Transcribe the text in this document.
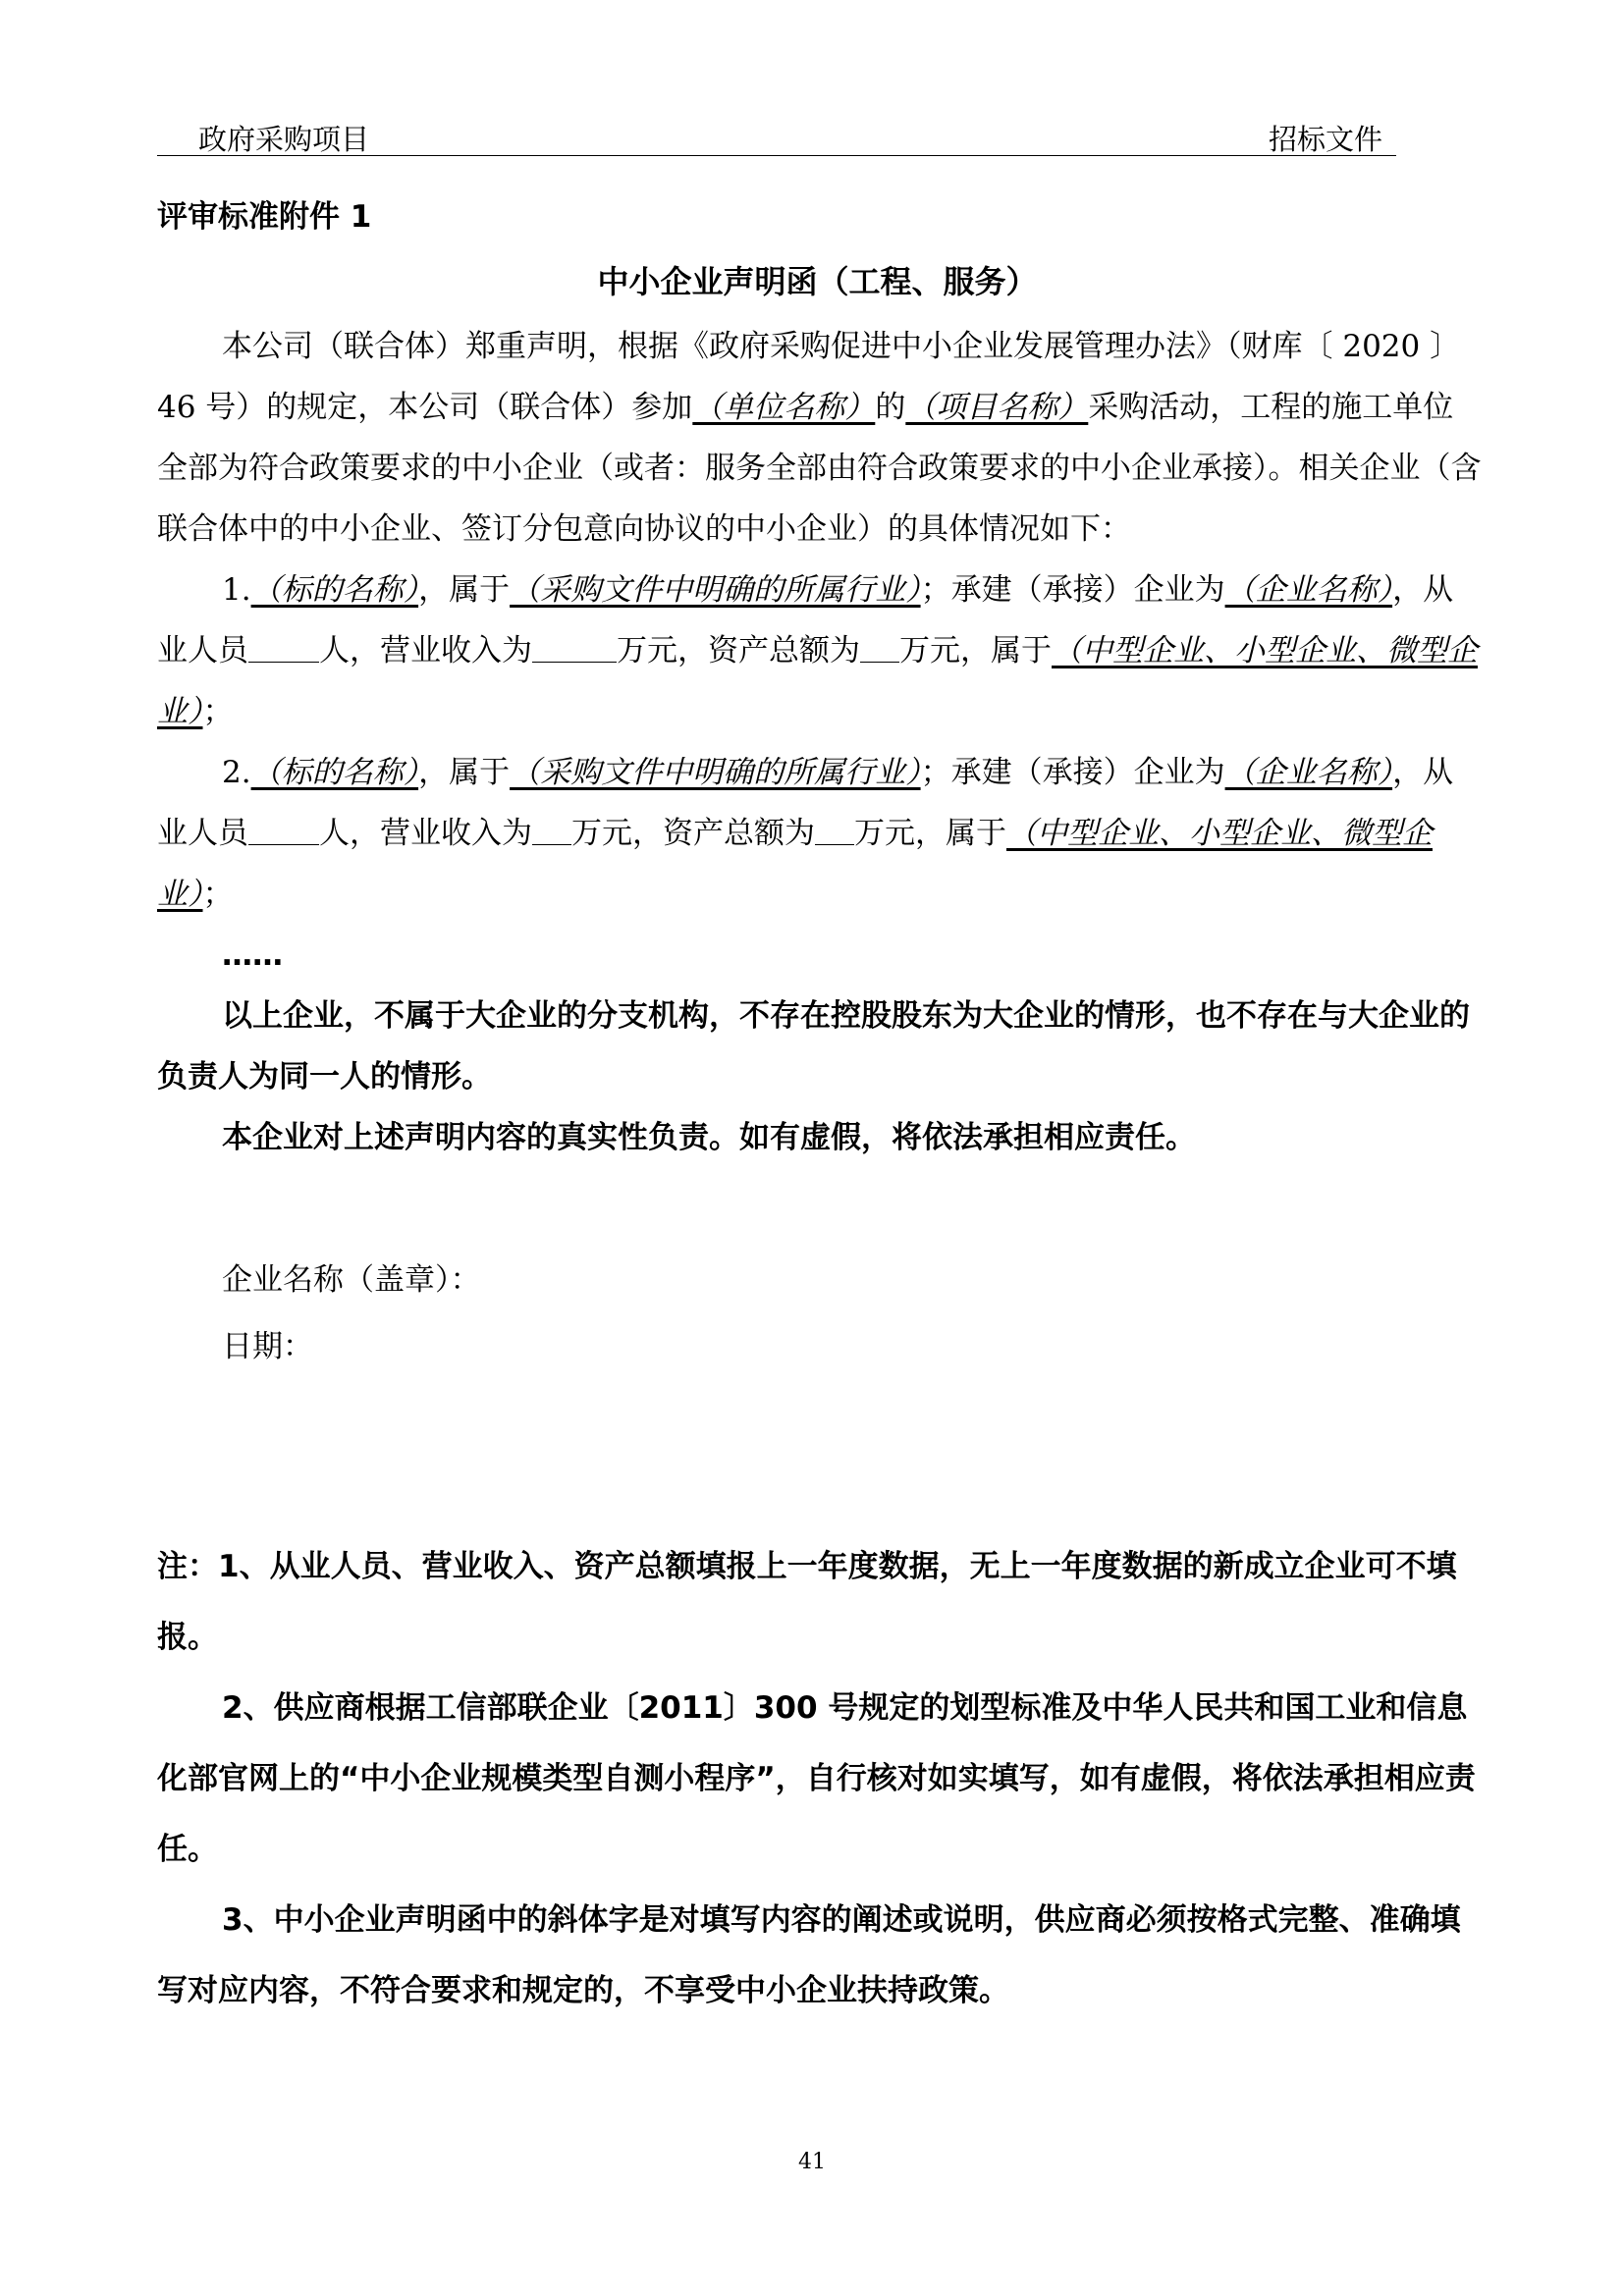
政府采购项目	招标文件

评审标准附件 1

中小企业声明函（工程、服务）

本公司（联合体）郑重声明，根据《政府采购促进中小企业发展管理办法》（财库〔 2020 〕 46 号）的规定，本公司（联合体）参加（单位名称）的（项目名称）采购活动，工程的施工单位全部为符合政策要求的中小企业（或者：服务全部由符合政策要求的中小企业承接）。相关企业（含联合体中的中小企业、签订分包意向协议的中小企业）的具体情况如下：

1.（标的名称），属于（采购文件中明确的所属行业）；承建（承接）企业为（企业名称），从业人员 人，营业收入为	万元，资产总额为 万元，属于（中型企业、小型企业、微型企业）；

2.（标的名称），属于（采购文件中明确的所属行业）；承建（承接）企业为（企业名称），从业人员 人，营业收入为 万元，资产总额为 万元，属于（中型企业、小型企业、微型企业）；

……

以上企业，不属于大企业的分支机构，不存在控股股东为大企业的情形，也不存在与大企业的负责人为同一人的情形。

本企业对上述声明内容的真实性负责。如有虚假，将依法承担相应责任。

企业名称（盖章）：

日期：

注：1、从业人员、营业收入、资产总额填报上一年度数据，无上一年度数据的新成立企业可不填报。

2、供应商根据工信部联企业〔2011〕300 号规定的划型标准及中华人民共和国工业和信息化部官网上的“中小企业规模类型自测小程序”，自行核对如实填写，如有虚假，将依法承担相应责任。

3、中小企业声明函中的斜体字是对填写内容的阐述或说明，供应商必须按格式完整、准确填写对应内容，不符合要求和规定的，不享受中小企业扶持政策。

41
